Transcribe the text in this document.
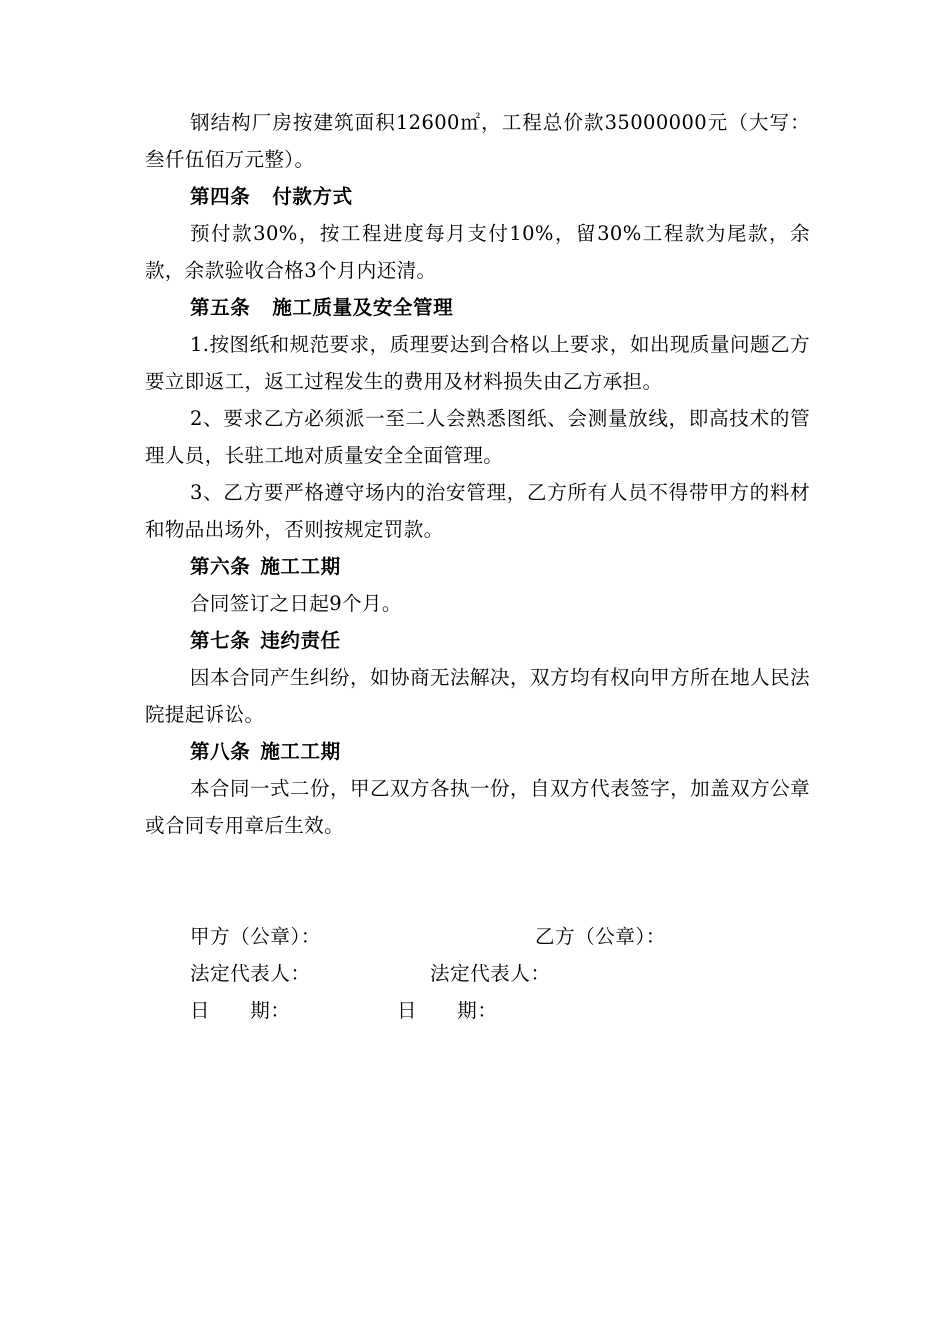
钢结构厂房按建筑面积12600㎡，工程总价款35000000元（大写：叁仟伍佰万元整）。

第四条 付款方式

预付款30%，按工程进度每月支付10%，留30%工程款为尾款，余款，余款验收合格3个月内还清。

第五条 施工质量及安全管理

1.按图纸和规范要求，质理要达到合格以上要求，如出现质量问题乙方要立即返工，返工过程发生的费用及材料损失由乙方承担。

2、要求乙方必须派一至二人会熟悉图纸、会测量放线，即高技术的管理人员，长驻工地对质量安全全面管理。

3、乙方要严格遵守场内的治安管理，乙方所有人员不得带甲方的料材和物品出场外，否则按规定罚款。

第六条 施工工期

合同签订之日起9个月。

第七条 违约责任

因本合同产生纠纷，如协商无法解决，双方均有权向甲方所在地人民法院提起诉讼。

第八条 施工工期

本合同一式二份，甲乙双方各执一份，自双方代表签字，加盖双方公章或合同专用章后生效。

甲方（公章）：	乙方（公章）：
法定代表人：	法定代表人：
日　　期：	日　　期：
